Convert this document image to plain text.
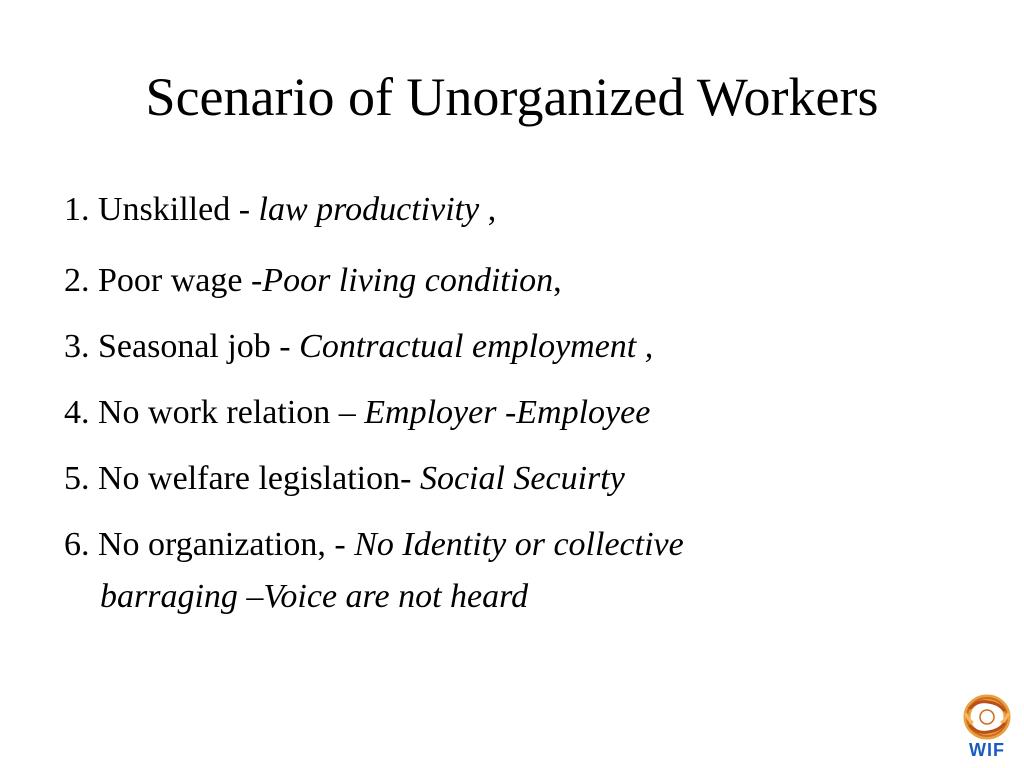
Scenario of Unorganized Workers
1. Unskilled - law productivity ,
2. Poor wage -Poor living condition,
3. Seasonal job - Contractual employment ,
4. No work relation – Employer -Employee
5. No welfare legislation- Social Secuirty
6. No organization, - No Identity or collective
barraging –Voice are not heard
WIF
